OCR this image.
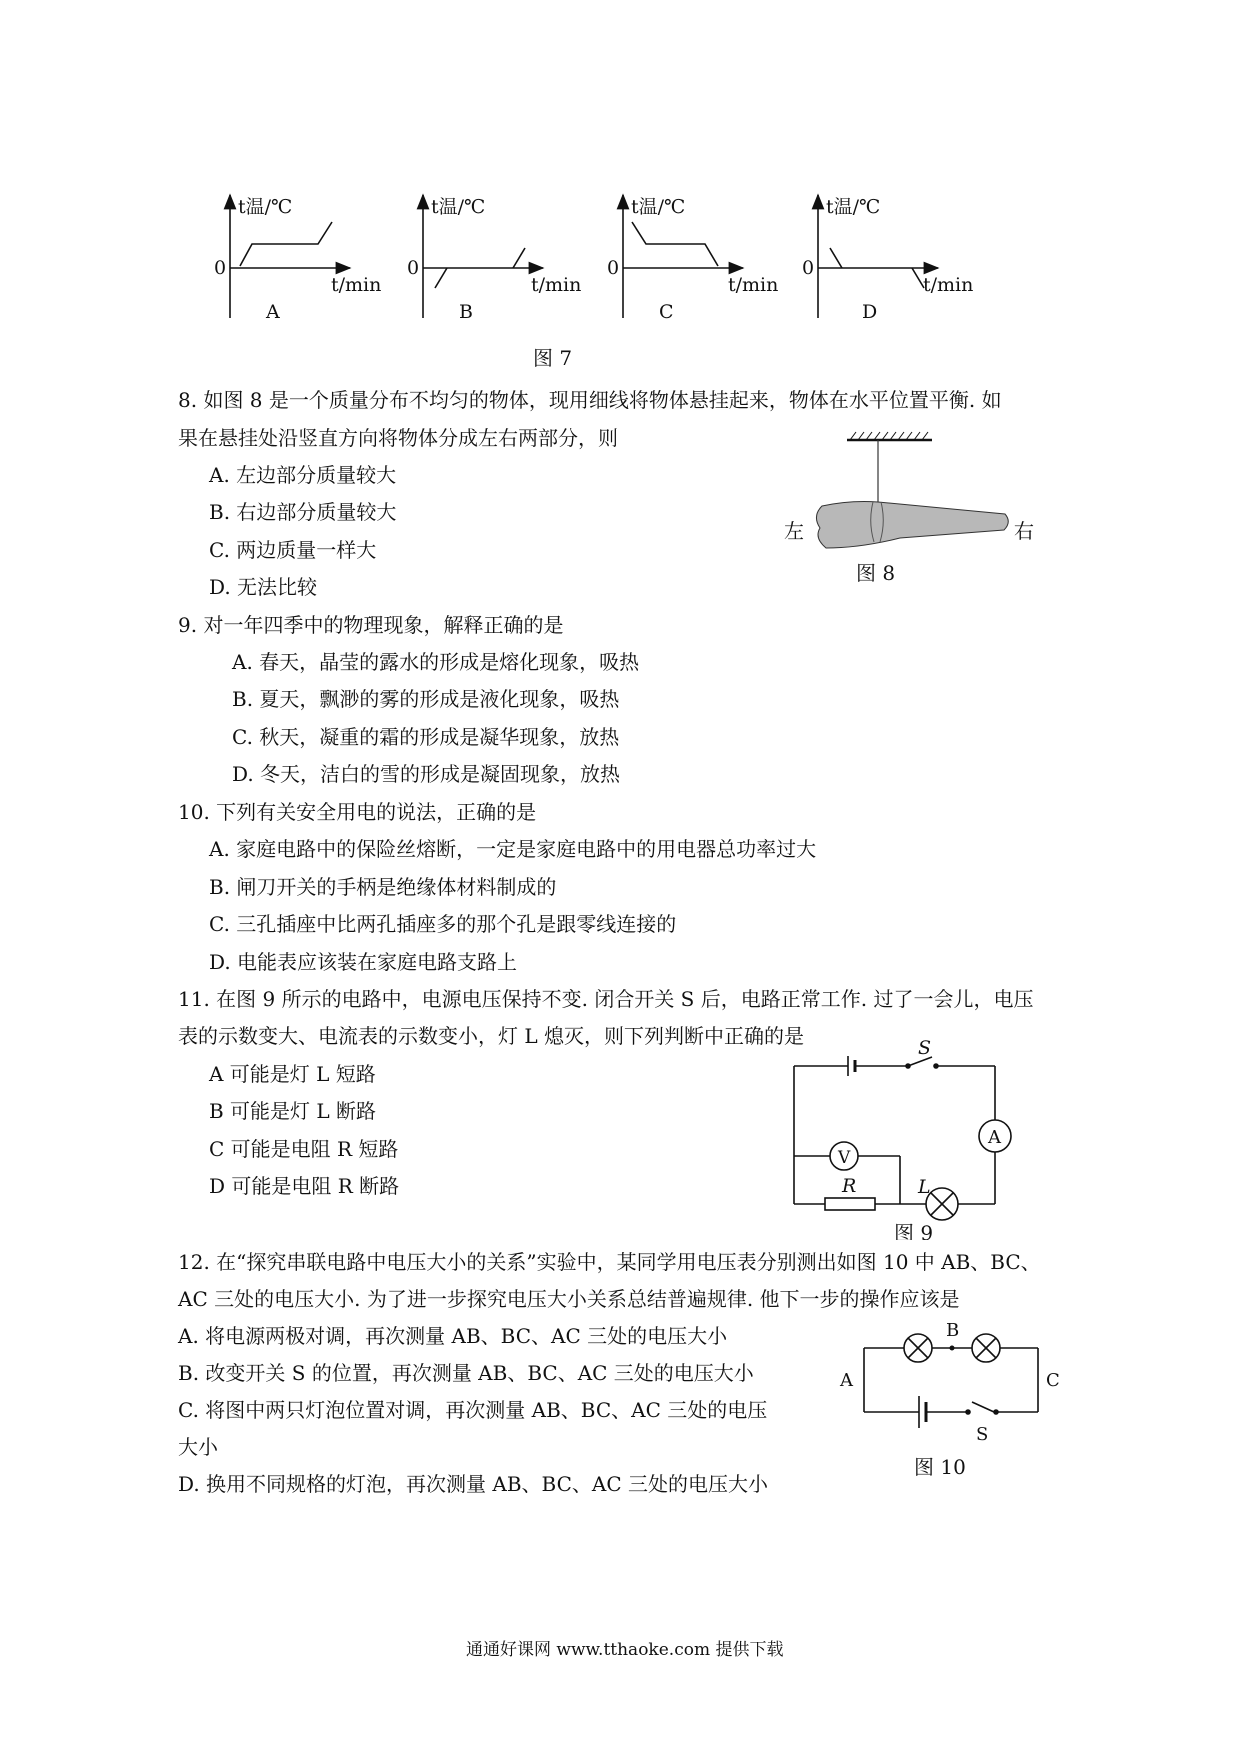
t温/℃
t/min
0
A
t温/℃
t/min
0
B
t温/℃
t/min
0
C
t温/℃
t/min
0
D
图 7
8. 如图 8 是一个质量分布不均匀的物体，现用细线将物体悬挂起来，物体在水平位置平衡. 如
果在悬挂处沿竖直方向将物体分成左右两部分，则
A. 左边部分质量较大
B. 右边部分质量较大
C. 两边质量一样大
D. 无法比较
左	右
图 8
9. 对一年四季中的物理现象，解释正确的是
A. 春天，晶莹的露水的形成是熔化现象，吸热
B. 夏天，飘渺的雾的形成是液化现象，吸热
C. 秋天，凝重的霜的形成是凝华现象，放热
D. 冬天，洁白的雪的形成是凝固现象，放热
10. 下列有关安全用电的说法，正确的是
A. 家庭电路中的保险丝熔断，一定是家庭电路中的用电器总功率过大
B. 闸刀开关的手柄是绝缘体材料制成的
C. 三孔插座中比两孔插座多的那个孔是跟零线连接的
D. 电能表应该装在家庭电路支路上
11. 在图 9 所示的电路中，电源电压保持不变. 闭合开关 S 后，电路正常工作. 过了一会儿，电压
表的示数变大、电流表的示数变小，灯 L 熄灭，则下列判断中正确的是
A 可能是灯 L 短路
B 可能是灯 L 断路
C 可能是电阻 R 短路
D 可能是电阻 R 断路
S
A
V
R	L
图 9
12. 在“探究串联电路中电压大小的关系”实验中，某同学用电压表分别测出如图 10 中 AB、BC、
AC 三处的电压大小. 为了进一步探究电压大小关系总结普遍规律. 他下一步的操作应该是
A. 将电源两极对调，再次测量 AB、BC、AC 三处的电压大小
B. 改变开关 S 的位置，再次测量 AB、BC、AC 三处的电压大小
C. 将图中两只灯泡位置对调，再次测量 AB、BC、AC 三处的电压
大小
D. 换用不同规格的灯泡，再次测量 AB、BC、AC 三处的电压大小
B
A	C
S
图 10
通通好课网 www.tthaoke.com 提供下载
